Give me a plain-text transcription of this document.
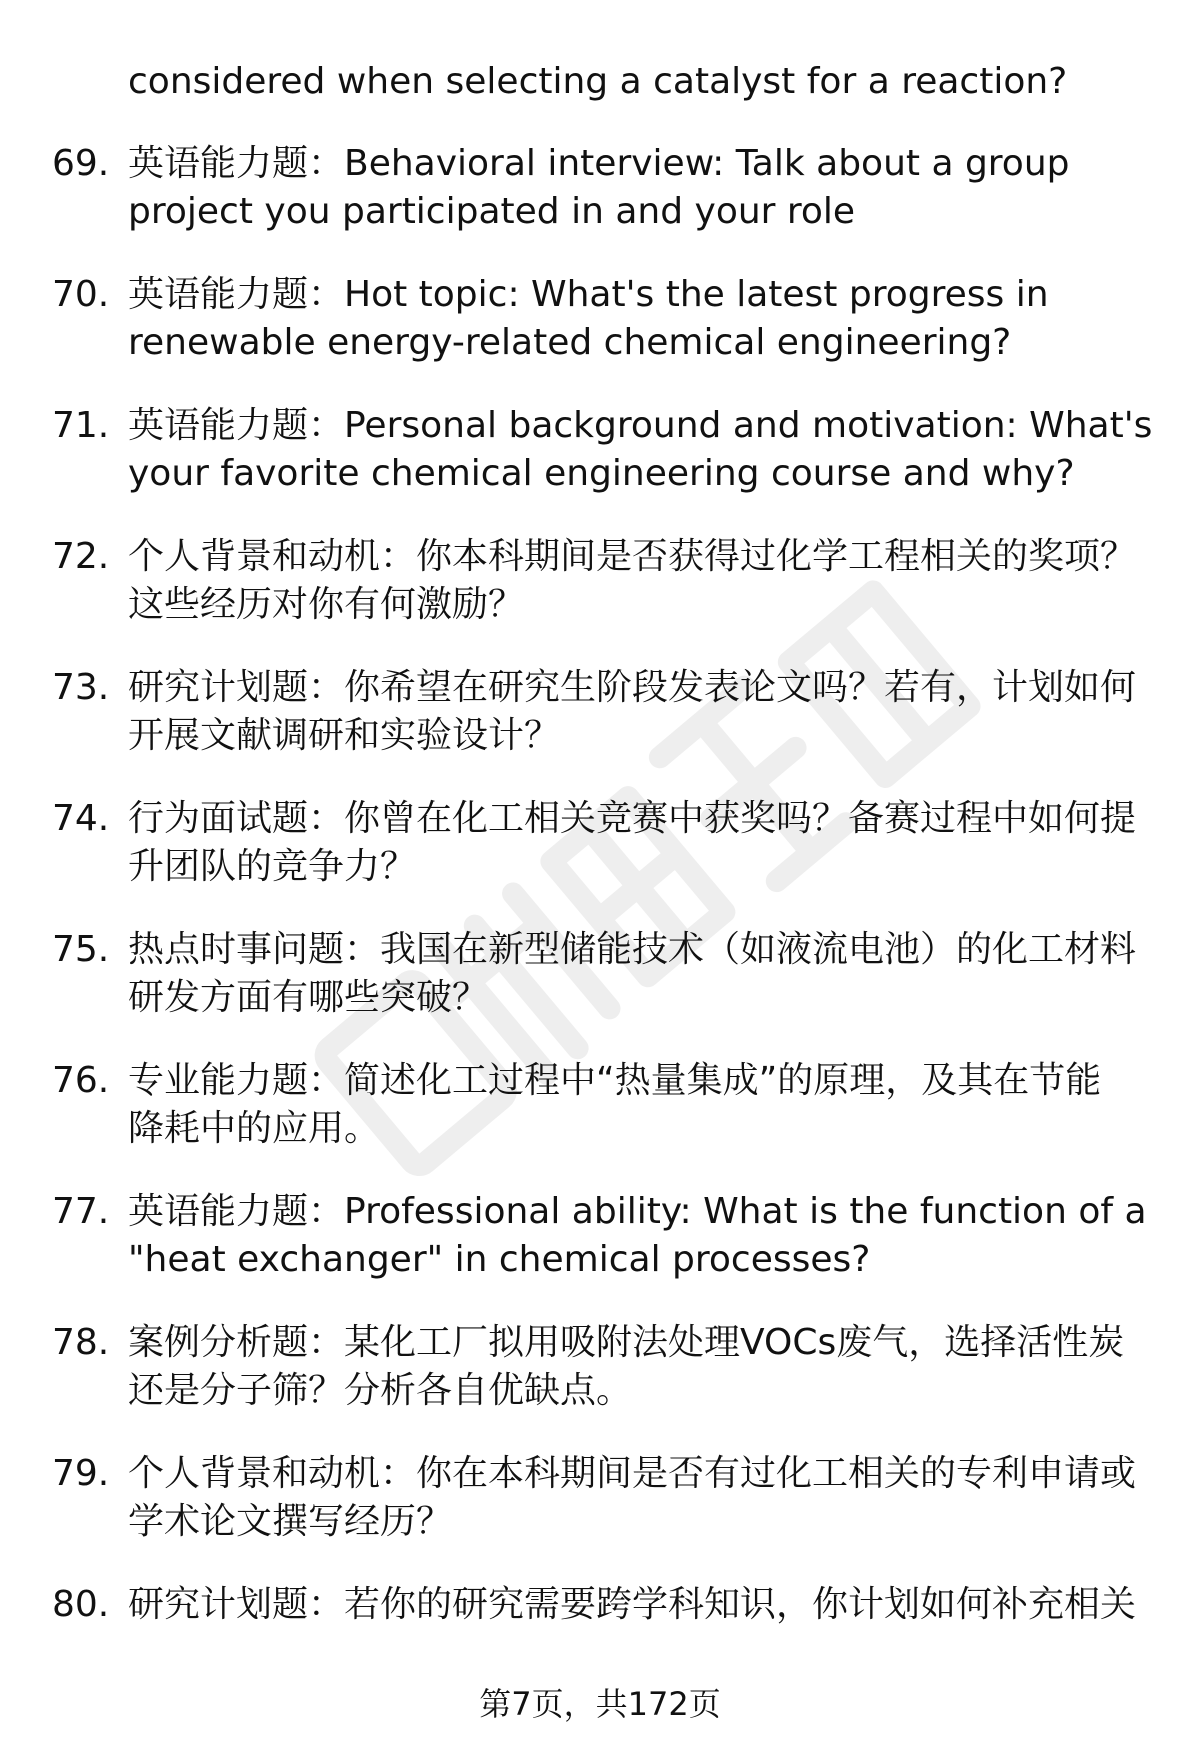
considered when selecting a catalyst for a reaction?
69. 英语能力题：Behavioral interview: Talk about a group
project you participated in and your role
70. 英语能力题：Hot topic: What's the latest progress in
renewable energy-related chemical engineering?
71. 英语能力题：Personal background and motivation: What's
your favorite chemical engineering course and why?
72. 个人背景和动机：你本科期间是否获得过化学工程相关的奖项？
这些经历对你有何激励？
73. 研究计划题：你希望在研究生阶段发表论文吗？若有，计划如何
开展文献调研和实验设计？
74. 行为面试题：你曾在化工相关竞赛中获奖吗？备赛过程中如何提
升团队的竞争力？
75. 热点时事问题：我国在新型储能技术（如液流电池）的化工材料
研发方面有哪些突破？
76. 专业能力题：简述化工过程中“热量集成”的原理，及其在节能
降耗中的应用。
77. 英语能力题：Professional ability: What is the function of a
"heat exchanger" in chemical processes?
78. 案例分析题：某化工厂拟用吸附法处理VOCs废气，选择活性炭
还是分子筛？分析各自优缺点。
79. 个人背景和动机：你在本科期间是否有过化工相关的专利申请或
学术论文撰写经历？
80. 研究计划题：若你的研究需要跨学科知识，你计划如何补充相关
第7页，共172页
